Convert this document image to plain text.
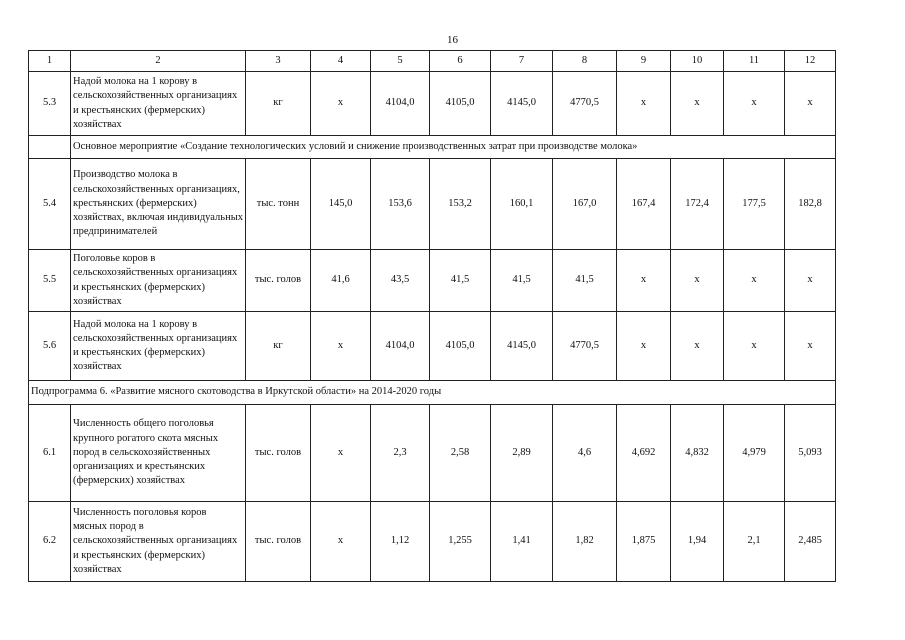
16
1	2	3	4	5	6	7	8	9	10	11	12
5.3	Надой молока на 1 корову в сельскохозяйственных организациях и крестьянских (фермерских) хозяйствах	кг	х	4104,0	4105,0	4145,0	4770,5	х	х	х	х
	Основное мероприятие «Создание технологических условий и снижение производственных затрат при производстве молока»										
5.4	Производство молока в сельскохозяйственных организациях, крестьянских (фермерских) хозяйствах, включая индивидуальных предпринимателей	тыс. тонн	145,0	153,6	153,2	160,1	167,0	167,4	172,4	177,5	182,8
5.5	Поголовье коров в сельскохозяйственных организациях и крестьянских (фермерских) хозяйствах	тыс. голов	41,6	43,5	41,5	41,5	41,5	х	х	х	х
5.6	Надой молока на 1 корову в сельскохозяйственных организациях и крестьянских (фермерских) хозяйствах	кг	х	4104,0	4105,0	4145,0	4770,5	х	х	х	х
Подпрограмма 6. «Развитие мясного скотоводства в Иркутской области» на 2014-2020 годы											
6.1	Численность общего поголовья крупного рогатого скота мясных пород в сельскохозяйственных организациях и крестьянских (фермерских) хозяйствах	тыс. голов	х	2,3	2,58	2,89	4,6	4,692	4,832	4,979	5,093
6.2	Численность поголовья коров мясных пород в сельскохозяйственных организациях и крестьянских (фермерских) хозяйствах	тыс. голов	х	1,12	1,255	1,41	1,82	1,875	1,94	2,1	2,485
